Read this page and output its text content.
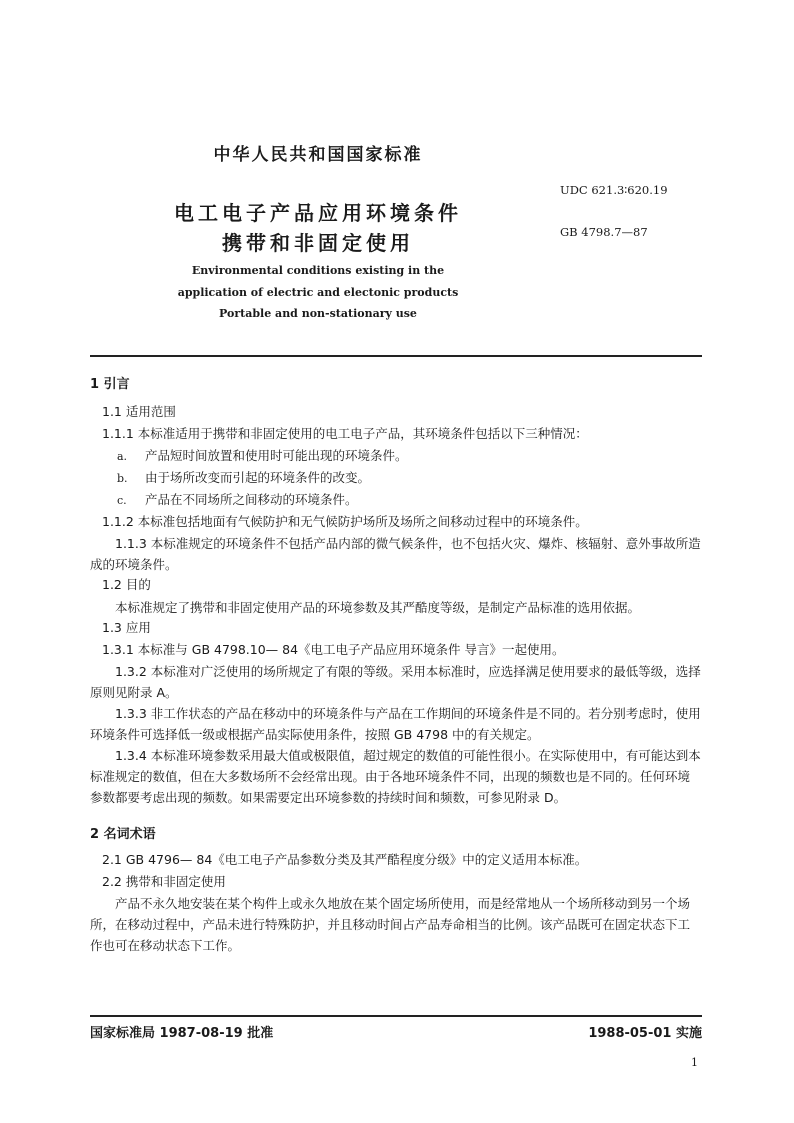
中华人民共和国国家标准
UDC 621.3∶620.19
GB 4798.7—87
电工电子产品应用环境条件
携带和非固定使用
Environmental conditions existing in the
application of electric and electonic products
Portable and non-stationary use
1 引言
1.1 适用范围
1.1.1 本标准适用于携带和非固定使用的电工电子产品，其环境条件包括以下三种情况：
a. 产品短时间放置和使用时可能出现的环境条件。
b. 由于场所改变而引起的环境条件的改变。
c. 产品在不同场所之间移动的环境条件。
1.1.2 本标准包括地面有气候防护和无气候防护场所及场所之间移动过程中的环境条件。
1.1.3 本标准规定的环境条件不包括产品内部的微气候条件，也不包括火灾、爆炸、核辐射、意外事故所造成的环境条件。
1.2 目的
本标准规定了携带和非固定使用产品的环境参数及其严酷度等级，是制定产品标准的选用依据。
1.3 应用
1.3.1 本标准与 GB 4798.10— 84《电工电子产品应用环境条件 导言》一起使用。
1.3.2 本标准对广泛使用的场所规定了有限的等级。采用本标准时，应选择满足使用要求的最低等级，选择原则见附录 A。
1.3.3 非工作状态的产品在移动中的环境条件与产品在工作期间的环境条件是不同的。若分别考虑时，使用环境条件可选择低一级或根据产品实际使用条件，按照 GB 4798 中的有关规定。
1.3.4 本标准环境参数采用最大值或极限值，超过规定的数值的可能性很小。在实际使用中，有可能达到本标准规定的数值，但在大多数场所不会经常出现。由于各地环境条件不同，出现的频数也是不同的。任何环境参数都要考虑出现的频数。如果需要定出环境参数的持续时间和频数，可参见附录 D。
2 名词术语
2.1 GB 4796— 84《电工电子产品参数分类及其严酷程度分级》中的定义适用本标准。
2.2 携带和非固定使用
产品不永久地安装在某个构件上或永久地放在某个固定场所使用，而是经常地从一个场所移动到另一个场所，在移动过程中，产品未进行特殊防护，并且移动时间占产品寿命相当的比例。该产品既可在固定状态下工作也可在移动状态下工作。
国家标准局 1987-08-19 批准	1988-05-01 实施
1
